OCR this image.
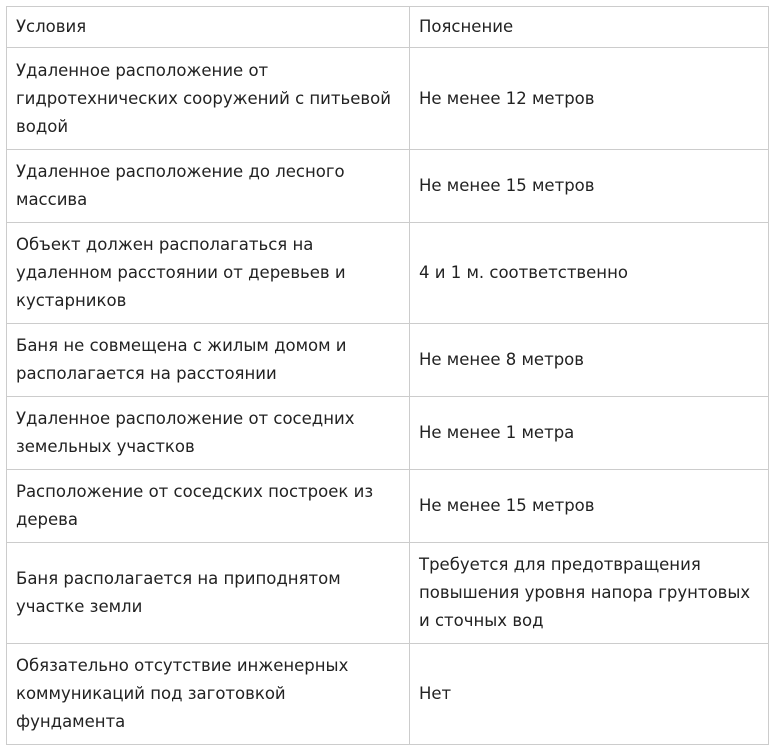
Условия	Пояснение
Удаленное расположение от гидротехнических сооружений с питьевой водой	Не менее 12 метров
Удаленное расположение до лесного массива	Не менее 15 метров
Объект должен располагаться на удаленном расстоянии от деревьев и кустарников	4 и 1 м. соответственно
Баня не совмещена с жилым домом и располагается на расстоянии	Не менее 8 метров
Удаленное расположение от соседних земельных участков	Не менее 1 метра
Расположение от соседских построек из дерева	Не менее 15 метров
Баня располагается на приподнятом участке земли	Требуется для предотвращения повышения уровня напора грунтовых и сточных вод
Обязательно отсутствие инженерных коммуникаций под заготовкой фундамента	Нет
